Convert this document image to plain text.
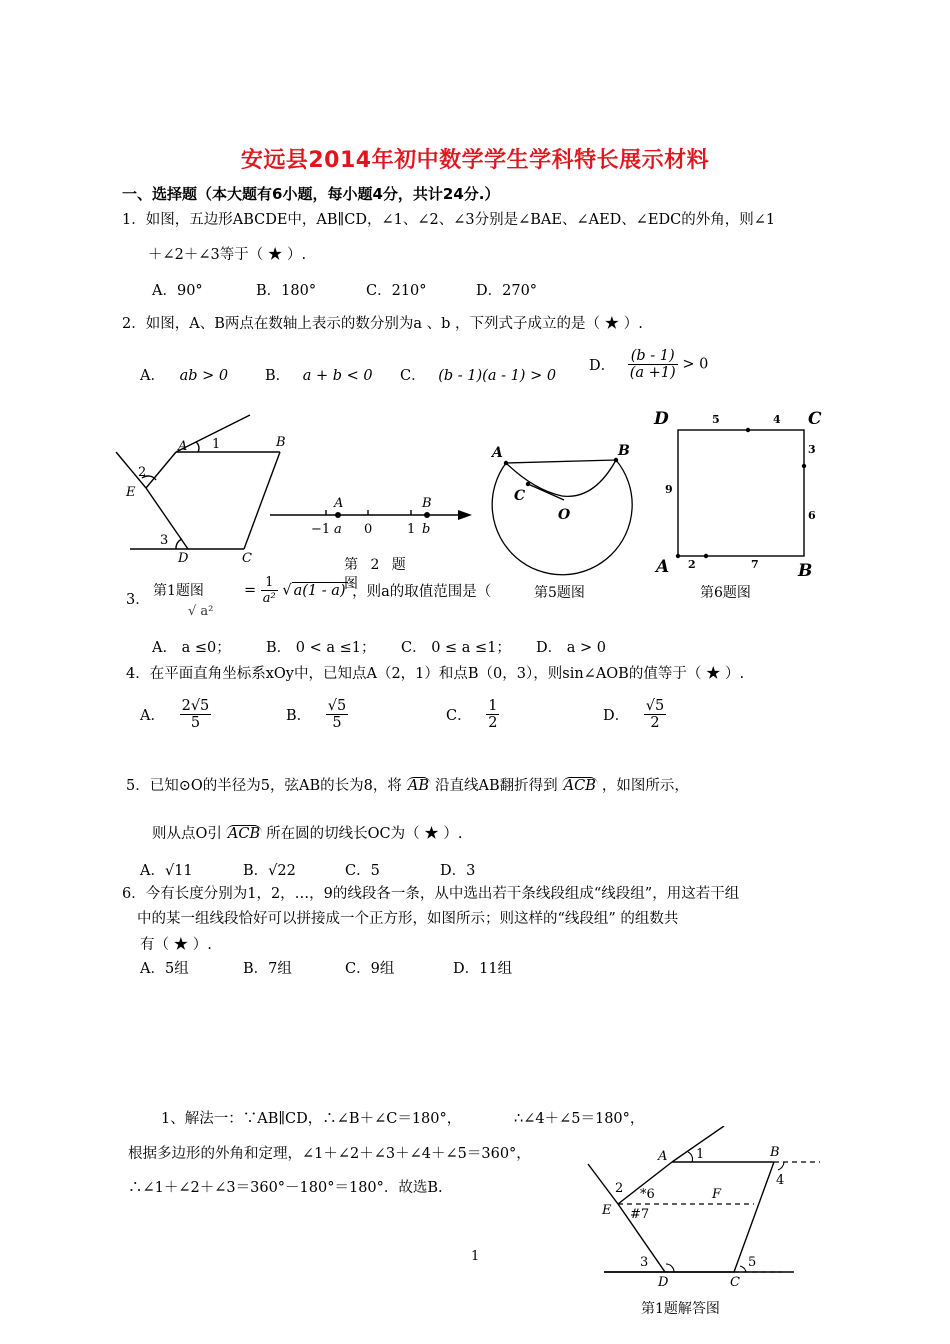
安远县2014年初中数学学生学科特长展示材料
一、选择题（本大题有6小题，每小题4分，共计24分.）
1．如图，五边形ABCDE中，AB∥CD，∠1、∠2、∠3分别是∠BAE、∠AED、∠EDC的外角，则∠1
＋∠2＋∠3等于（ ★ ）.
A．90°	B．180°	C．210°	D．270°
2．如图，A、B两点在数轴上表示的数分别为a 、b ，下列式子成立的是（ ★ ）.
A． ab > 0	B． a + b < 0 C． (b - 1)(a - 1) > 0
D． $\frac{(b - 1)}{(a +1)} > 0$
A 1	B
2
E
3
D	C
第1题图
A	B
−1 a 0	1 b
第 2 题
图
A	B
C
O
第5题图
D	C
A	B
5	4
3
9
6
2	7
第6题图
3．
√ a²
= $\frac{1}{\text{a²}}$ √ a(1 - a) ，则a的取值范围是（
A． a ≤0； B． 0 < a ≤1； C． 0 ≤ a ≤1； D． a > 0
4．在平面直角坐标系xOy中，已知点A（2，1）和点B（0，3），则sin∠AOB的值等于（ ★ ）.
A． $\frac{2√5}{5}$	B． $\frac{√5}{5}$	C． $\frac{1}{2}$	D． $\frac{√5}{2}$
5．已知⊙O的半径为5，弦AB的长为8，将 AB 沿直线AB翻折得到 ACB ，如图所示，
则从点O引 ACB 所在圆的切线长OC为（ ★ ）.
A．√11	B．√22	C．5	D．3
6．今有长度分别为1，2，…，9的线段各一条，从中选出若干条线段组成“线段组”，用这若干组
中的某一组线段恰好可以拼接成一个正方形，如图所示；则这样的“线段组” 的组数共
有（ ★ ）.
A．5组	B．7组	C．9组	D．11组
1、解法一：∵AB∥CD，∴∠B＋∠C＝180°，	∴∠4＋∠5＝180°，
根据多边形的外角和定理，∠1＋∠2＋∠3＋∠4＋∠5＝360°，
∴∠1＋∠2＋∠3＝360°－180°＝180°．故选B.
A 1	B
4
2 *6	F
E #7
3
D	C
5
第1题解答图
1
